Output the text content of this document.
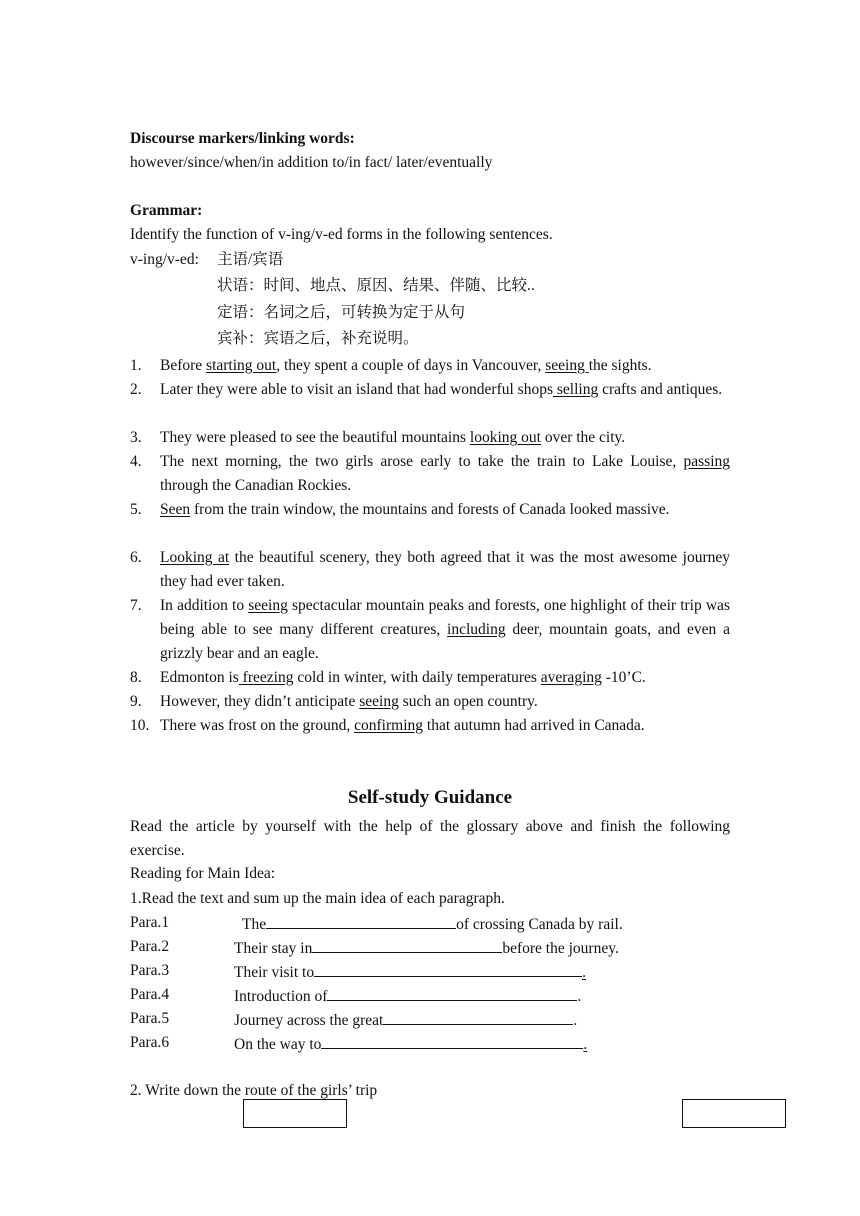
Discourse markers/linking words:
however/since/when/in addition to/in fact/ later/eventually
Grammar:
Identify the function of v-ing/v-ed forms in the following sentences.
v-ing/v-ed: 主语/宾语
状语：时间、地点、原因、结果、伴随、比较..
定语：名词之后，可转换为定于从句
宾补：宾语之后，补充说明。
1. Before starting out, they spent a couple of days in Vancouver, seeing the sights.
2. Later they were able to visit an island that had wonderful shops selling crafts and antiques.
3. They were pleased to see the beautiful mountains looking out over the city.
4. The next morning, the two girls arose early to take the train to Lake Louise, passing through the Canadian Rockies.
5. Seen from the train window, the mountains and forests of Canada looked massive.
6. Looking at the beautiful scenery, they both agreed that it was the most awesome journey they had ever taken.
7. In addition to seeing spectacular mountain peaks and forests, one highlight of their trip was being able to see many different creatures, including deer, mountain goats, and even a grizzly bear and an eagle.
8. Edmonton is freezing cold in winter, with daily temperatures averaging -10’C.
9. However, they didn’t anticipate seeing such an open country.
10. There was frost on the ground, confirming that autumn had arrived in Canada.
Self-study Guidance
Read the article by yourself with the help of the glossary above and finish the following exercise.
Reading for Main Idea:
1.Read the text and sum up the main idea of each paragraph.
Para.1	The	of crossing Canada by rail.
Para.2	Their stay in	before the journey.
Para.3	Their visit to	.
Para.4	Introduction of	.
Para.5	Journey across the great	.
Para.6	On the way to	.
2. Write down the route of the girls’ trip
